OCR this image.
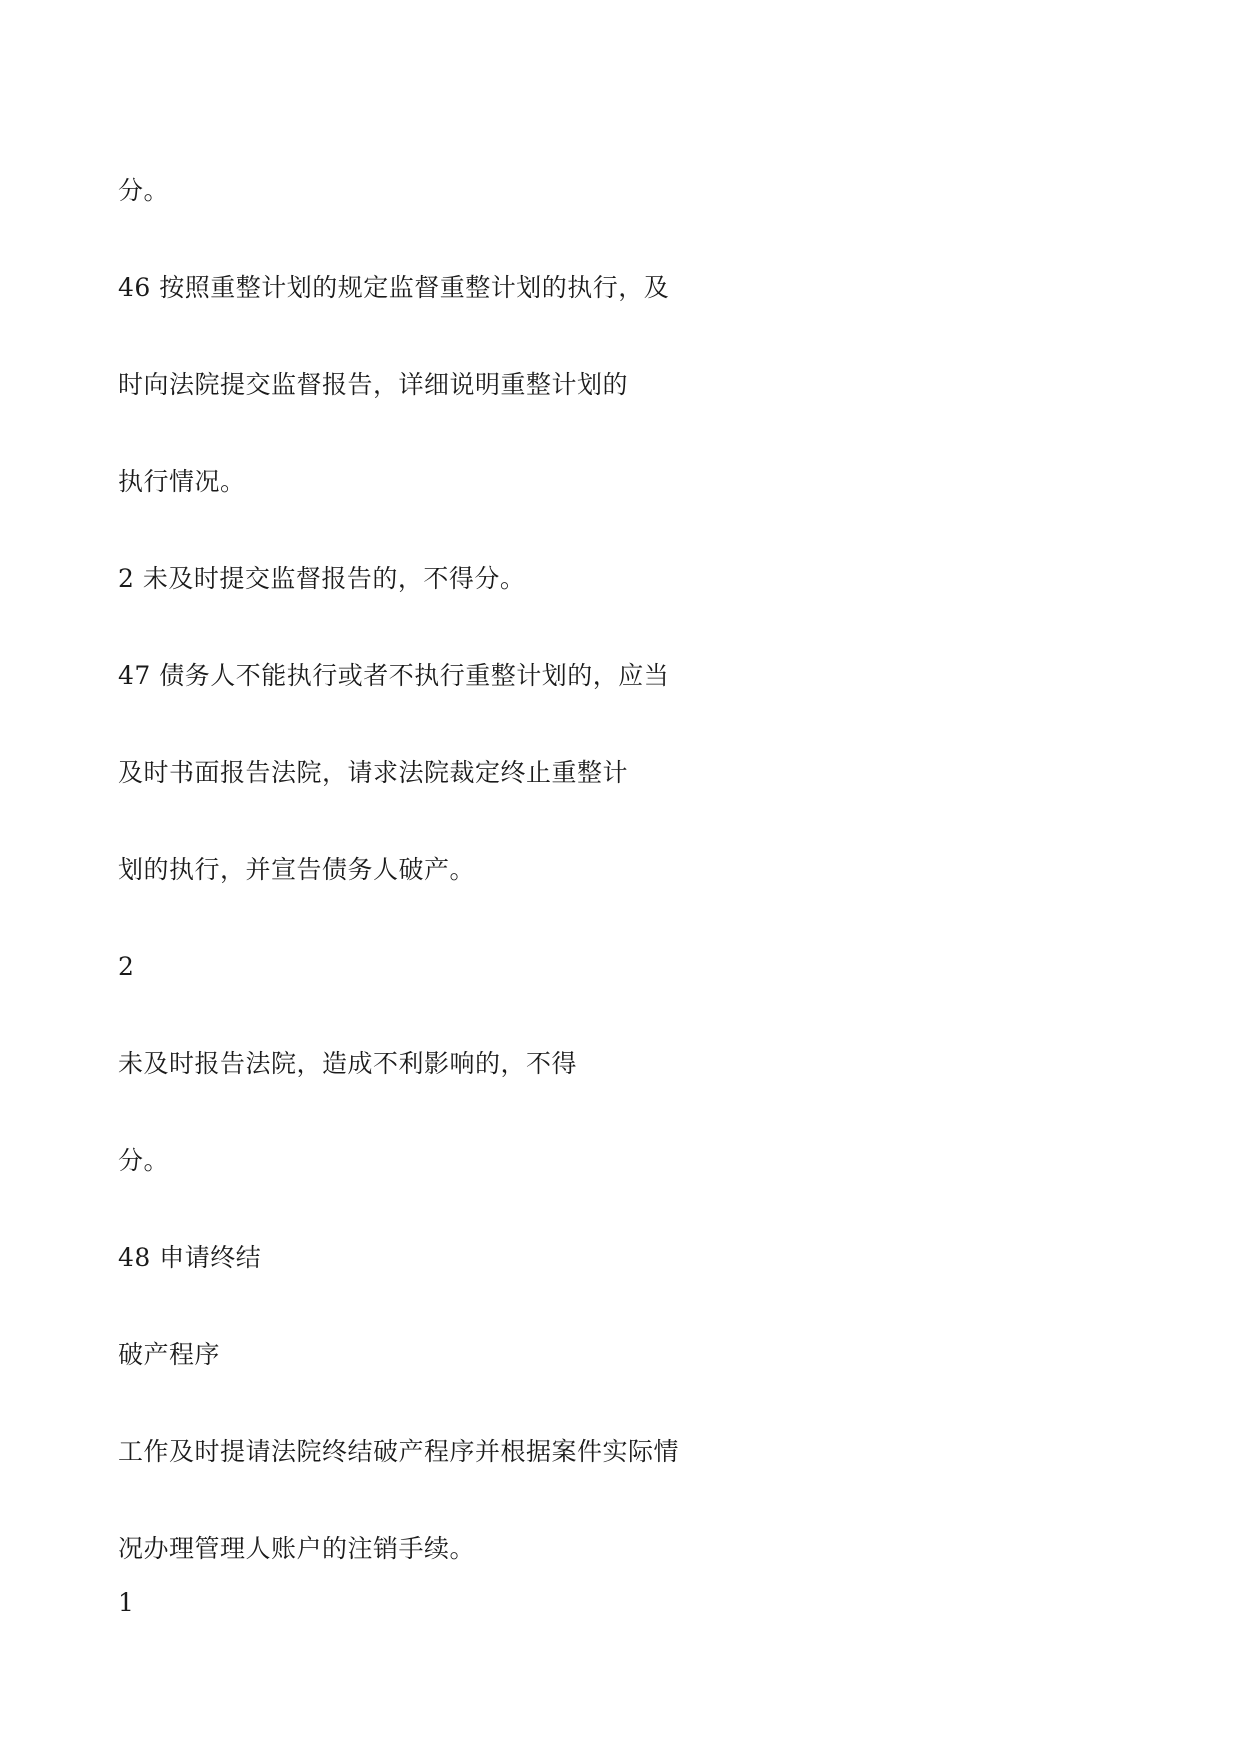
分。
46 按照重整计划的规定监督重整计划的执行，及
时向法院提交监督报告，详细说明重整计划的
执行情况。
2 未及时提交监督报告的，不得分。
47 债务人不能执行或者不执行重整计划的，应当
及时书面报告法院，请求法院裁定终止重整计
划的执行，并宣告债务人破产。
2
未及时报告法院，造成不利影响的，不得
分。
48 申请终结
破产程序
工作及时提请法院终结破产程序并根据案件实际情
况办理管理人账户的注销手续。
1
